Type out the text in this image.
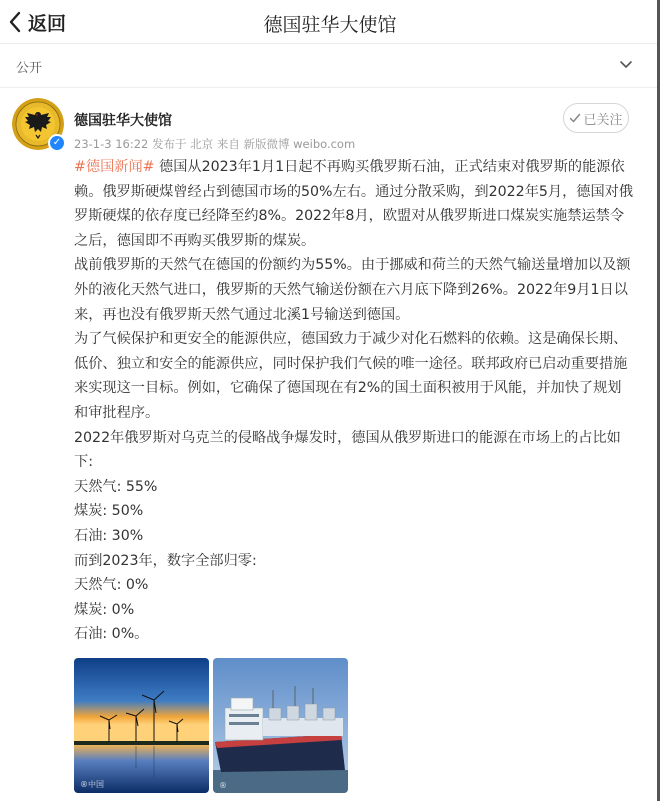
返回	德国驻华大使馆
公开
✓
德国驻华大使馆
23-1-3 16:22 发布于 北京 来自 新版微博 weibo.com
已关注

#德国新闻# 德国从2023年1月1日起不再购买俄罗斯石油，正式结束对俄罗斯的能源依赖。俄罗斯硬煤曾经占到德国市场的50%左右。通过分散采购，到2022年5月，德国对俄罗斯硬煤的依存度已经降至约8%。2022年8月，欧盟对从俄罗斯进口煤炭实施禁运禁令之后，德国即不再购买俄罗斯的煤炭。

战前俄罗斯的天然气在德国的份额约为55%。由于挪威和荷兰的天然气输送量增加以及额外的液化天然气进口，俄罗斯的天然气输送份额在六月底下降到26%。2022年9月1日以来，再也没有俄罗斯天然气通过北溪1号输送到德国。

为了气候保护和更安全的能源供应，德国致力于减少对化石燃料的依赖。这是确保长期、低价、独立和安全的能源供应，同时保护我们气候的唯一途径。联邦政府已启动重要措施来实现这一目标。例如，它确保了德国现在有2%的国土面积被用于风能，并加快了规划和审批程序。

2022年俄罗斯对乌克兰的侵略战争爆发时，德国从俄罗斯进口的能源在市场上的占比如下:

天然气: 55%

煤炭: 50%

石油: 30%

而到2023年，数字全部归零:

天然气: 0%

煤炭: 0%

石油: 0%。

®中国	®
